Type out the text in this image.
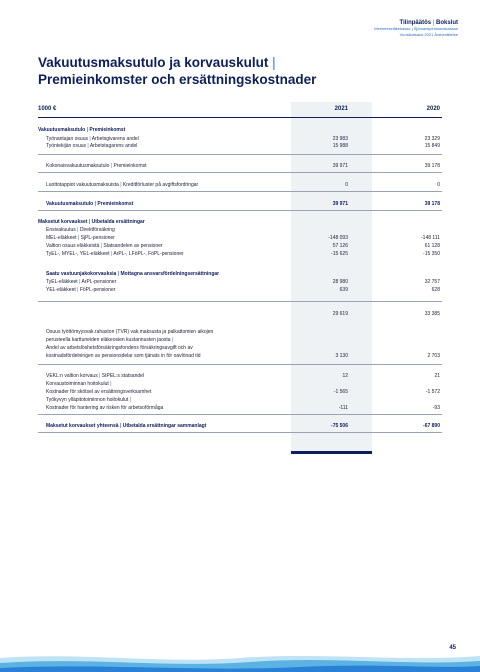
Tilinpäätös | Bokslut
Merimieseläkekassa | Sjömanspensionskassan
Vuosikatsaus 2021 Årsberättelse
Vakuutusmaksutulo ja korvauskulut |
Premieinkomster och ersättningskostnader
1000 €	2021	2020
Vakuutusmaksutulo | Premieinkomst
Työnantajan osuus | Arbetsgivarens andel	23 983	23 329
Työntekijän osuus | Arbetstagarens andel	15 988	15 849
Kokonaisvakuutusmaksutulo | Premieinkomst	39 971	39 178
Luottotappiot vakuutusmaksuista | Kreditförluster på avgiftsfordringar	0	0
Vakuutusmaksutulo | Premieinkomst	39 971	39 178
Maksetut korvaukset | Utbetalda ersättningar
Ensivakuutus | Direktförsäkring
MEL-eläkkeet | SjPL-pensioner	-148 093	-148 111
Valtion osuus eläkkeistä | Statsandelen av pensioner	57 126	61 128
TyEL-, MYEL-, YEL-eläkkeet | ArPL-, LFöPL-, FöPL-pensioner	-15 625	-15 350
Saatu vastuunjakokorvauksia | Mottagna ansvarsfördelningsersättningar
TyEL-eläkkeet | ArPL-pensioner	28 980	32 757
YEL-eläkkeet | FöPL-pensioner	639	628
29 619	33 385
Osuus työttömyysvak.rahaston (TVR) vak.maksusta ja palkattomien aikojen
perusteella karttuneiden eläkeosien kustannusten jaosta |
Andel av arbetslöshetsförsäkringsfondens försäkringsavgift och av
kostnadsfördelningen av pensionsdelar som tjänats in för oavlönad tid	3 130	2 703
VEKL:n valtion korvaus | StPEL:s statsandel	12	21
Korvaustoiminnan hoitokulut |
Kostnader för skötsel av ersättningsverksamhet	-1 565	-1 572
Työkyvyn ylläpitotoiminnon hoitokulut |
Kostnader för hantering av risken för arbetsoförmåga	-111	-93
Maksetut korvaukset yhteensä | Utbetalda ersättningar sammanlagt	-75 506	-67 890
45
